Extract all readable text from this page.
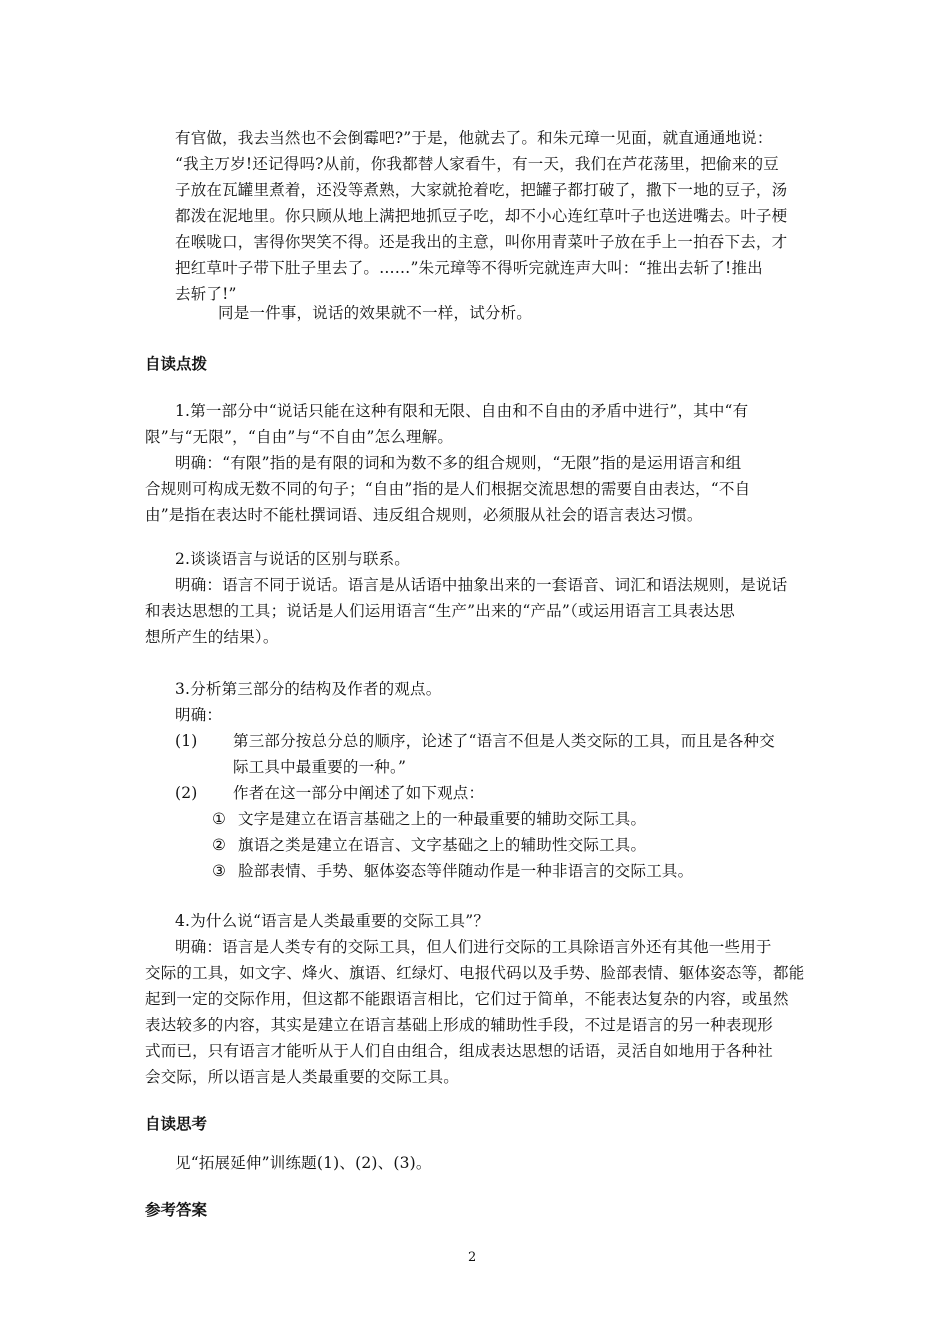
有官做，我去当然也不会倒霉吧?”于是，他就去了。和朱元璋一见面，就直通通地说：
“我主万岁!还记得吗?从前，你我都替人家看牛，有一天，我们在芦花荡里，把偷来的豆
子放在瓦罐里煮着，还没等煮熟，大家就抢着吃，把罐子都打破了，撒下一地的豆子，汤
都泼在泥地里。你只顾从地上满把地抓豆子吃，却不小心连红草叶子也送进嘴去。叶子梗
在喉咙口，害得你哭笑不得。还是我出的主意，叫你用青菜叶子放在手上一拍吞下去，才
把红草叶子带下肚子里去了。……”朱元璋等不得听完就连声大叫：“推出去斩了!推出
去斩了!”
同是一件事，说话的效果就不一样，试分析。
自读点拨
1.第一部分中“说话只能在这种有限和无限、自由和不自由的矛盾中进行”，其中“有
限”与“无限”，“自由”与“不自由”怎么理解。
明确：“有限”指的是有限的词和为数不多的组合规则，“无限”指的是运用语言和组
合规则可构成无数不同的句子；“自由”指的是人们根据交流思想的需要自由表达，“不自
由”是指在表达时不能杜撰词语、违反组合规则，必须服从社会的语言表达习惯。
2.谈谈语言与说话的区别与联系。
明确：语言不同于说话。语言是从话语中抽象出来的一套语音、词汇和语法规则，是说话
和表达思想的工具；说话是人们运用语言“生产”出来的“产品”（或运用语言工具表达思
想所产生的结果）。
3.分析第三部分的结构及作者的观点。
明确：
(1) 第三部分按总分总的顺序，论述了“语言不但是人类交际的工具，而且是各种交
际工具中最重要的一种。”
(2) 作者在这一部分中阐述了如下观点：
① 文字是建立在语言基础之上的一种最重要的辅助交际工具。
② 旗语之类是建立在语言、文字基础之上的辅助性交际工具。
③ 脸部表情、手势、躯体姿态等伴随动作是一种非语言的交际工具。
4.为什么说“语言是人类最重要的交际工具”？
明确：语言是人类专有的交际工具，但人们进行交际的工具除语言外还有其他一些用于
交际的工具，如文字、烽火、旗语、红绿灯、电报代码以及手势、脸部表情、躯体姿态等，都能
起到一定的交际作用，但这都不能跟语言相比，它们过于简单，不能表达复杂的内容，或虽然
表达较多的内容，其实是建立在语言基础上形成的辅助性手段，不过是语言的另一种表现形
式而已，只有语言才能听从于人们自由组合，组成表达思想的话语，灵活自如地用于各种社
会交际，所以语言是人类最重要的交际工具。
自读思考
见“拓展延伸”训练题(1)、(2)、(3)。
参考答案
2
